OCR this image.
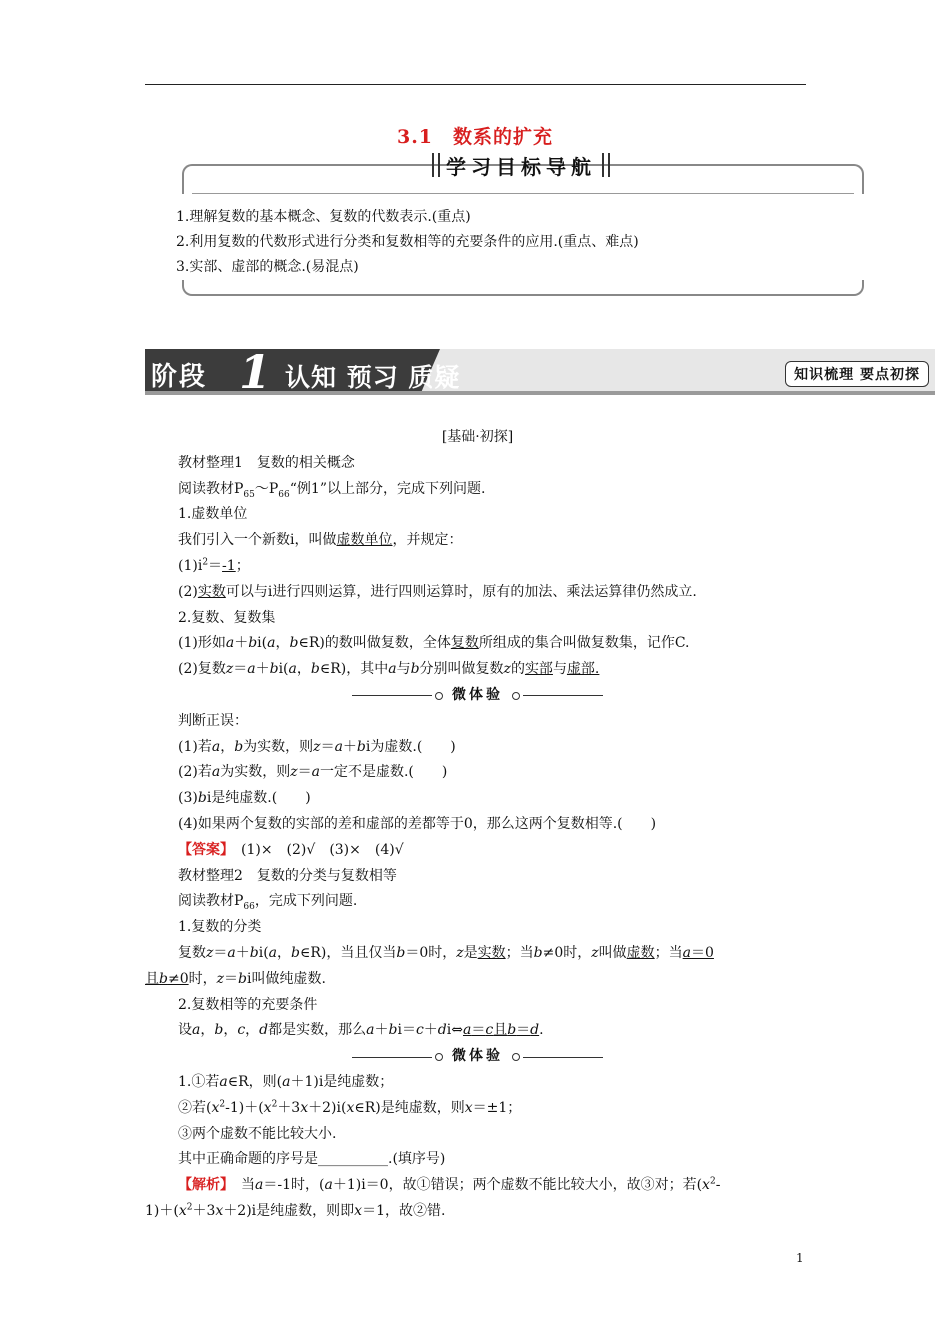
3.1　数系的扩充
学习目标导航
1.理解复数的基本概念、复数的代数表示.(重点)
2.利用复数的代数形式进行分类和复数相等的充要条件的应用.(重点、难点)
3.实部、虚部的概念.(易混点)
阶段 1 认知 预习 质疑	知识梳理 要点初探

[基础·初探]

教材整理1　复数的相关概念

阅读教材$P_{65}\sim P_{66}“$例1”以上部分，完成下列问题.

1.虚数单位

我们引入一个新数i，叫做虚数单位，并规定：

$(1)i^2=-1$；

(2)实数可以与i进行四则运算，进行四则运算时，原有的加法、乘法运算律仍然成立.

2.复数、复数集

(1)形如a＋bi(a，b∈R)的数叫做复数，全体复数所组成的集合叫做复数集，记作C.

(2)复数z＝a＋bi(a，b∈R)，其中a与b分别叫做复数z的实部与虚部.

微体验

判断正误：

(1)若a，b为实数，则z＝a＋bi为虚数.(　　)

(2)若a为实数，则z＝a一定不是虚数.(　　)

(3)bi是纯虚数.(　　)

(4)如果两个复数的实部的差和虚部的差都等于0，那么这两个复数相等.(　　)

【答案】　(1)×　(2)√　(3)×　(4)√

教材整理2　复数的分类与复数相等

阅读教材$P_{66}$，完成下列问题.

1.复数的分类

复数z＝a＋bi(a，b∈R)，当且仅当b＝0时，z是实数；当b≠0时，z叫做虚数；当a＝0

且b≠0时，z＝bi叫做纯虚数.

2.复数相等的充要条件

设a，b，c，d都是实数，那么a＋bi＝c＋di⇔a＝c且b＝d.

微体验

1.①若a∈R，则(a＋1)i是纯虚数；

②若$(x^2-1)+(x^2+3x+2)i(x\in R)$是纯虚数，则x＝±1；

③两个虚数不能比较大小.

其中正确命题的序号是__________.(填序号)

【解析】　当a＝-1时，(a＋1)i＝0，故①错误；两个虚数不能比较大小，故③对；若($x^2-$

$1)+(x^2+3x+2)i$是纯虚数，则即x＝1，故②错.

1
